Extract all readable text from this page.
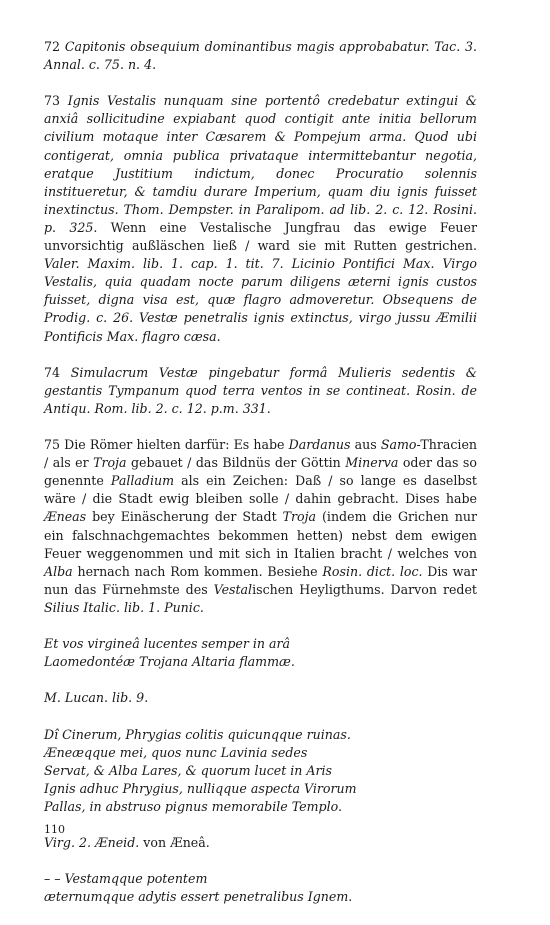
72 Capitonis obsequium dominantibus magis approbabatur. Tac. 3. Annal. c. 75. n. 4.

73 Ignis Vestalis nunquam sine portentô credebatur extingui & anxiâ sollicitudine expiabant quod contigit ante initia bellorum civilium motaque inter Cæsarem & Pompejum arma. Quod ubi contigerat, omnia publica privataque intermittebantur negotia, eratque Justitium indictum, donec Procuratio solennis institueretur, & tamdiu durare Imperium, quam diu ignis fuisset inextinctus. Thom. Dempster. in Paralipom. ad lib. 2. c. 12. Rosini. p. 325. Wenn eine Vestalische Jungfrau das ewige Feuer unvorsichtig außläschen ließ / ward sie mit Rutten gestrichen. Valer. Maxim. lib. 1. cap. 1. tit. 7. Licinio Pontifici Max. Virgo Vestalis, quia quadam nocte parum diligens æterni ignis custos fuisset, digna visa est, quæ flagro admoveretur. Obsequens de Prodig. c. 26. Vestæ penetralis ignis extinctus, virgo jussu Æmilii Pontificis Max. flagro cæsa.

74 Simulacrum Vestæ pingebatur formâ Mulieris sedentis & gestantis Tympanum quod terra ventos in se contineat. Rosin. de Antiqu. Rom. lib. 2. c. 12. p.m. 331.

75 Die Römer hielten darfür: Es habe Dardanus aus Samo-Thracien / als er Troja gebauet / das Bildnüs der Göttin Minerva oder das so genennte Palladium als ein Zeichen: Daß / so lange es daselbst wäre / die Stadt ewig bleiben solle / dahin gebracht. Dises habe Æneas bey Einäscherung der Stadt Troja (indem die Grichen nur ein falschnachgemachtes bekommen hetten) nebst dem ewigen Feuer weggenommen und mit sich in Italien bracht / welches von Alba hernach nach Rom kommen. Besiehe Rosin. dict. loc. Dis war nun das Fürnehmste des Vestalischen Heyligthums. Darvon redet Silius Italic. lib. 1. Punic.

Et vos virgineâ lucentes semper in arâ
Laomedontéæ Trojana Altaria flammæ.
M. Lucan. lib. 9.
Dî Cinerum, Phrygias colitis quicunqque ruinas.
Æneæqque mei, quos nunc Lavinia sedes
Servat, & Alba Lares, & quorum lucet in Aris
Ignis adhuc Phrygius, nulliqque aspecta Virorum
Pallas, in abstruso pignus memorabile Templo.
Virg. 2. Æneid. von Æneâ.
– – Vestamqque potentem
æternumqque adytis essert penetralibus Ignem.
110
